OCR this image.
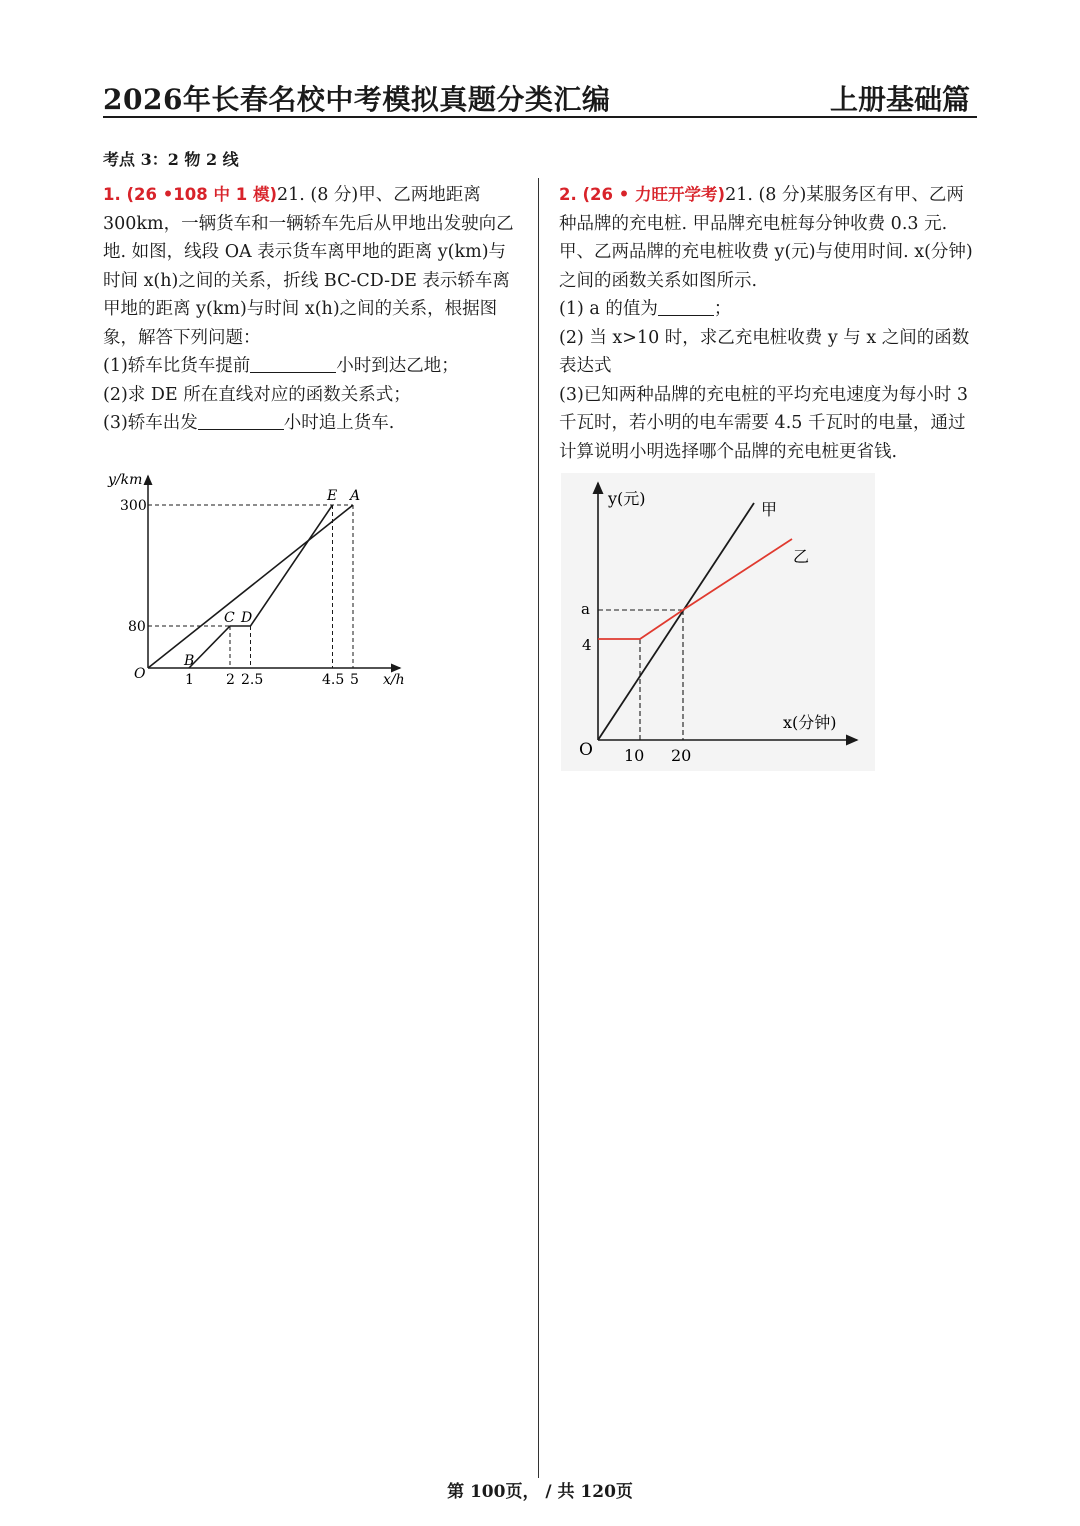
2026年长春名校中考模拟真题分类汇编	上册基础篇
考点 3：2 物 2 线

1. (26 •108 中 1 模)21. (8 分)甲、乙两地距离 300km，一辆货车和一辆轿车先后从甲地出发驶向乙地. 如图，线段 OA 表示货车离甲地的距离 y(km)与时间 x(h)之间的关系，折线 BC-CD-DE 表示轿车离甲地的距离 y(km)与时间 x(h)之间的关系，根据图象，解答下列问题：

(1)轿车比货车提前	小时到达乙地；

(2)求 DE 所在直线对应的函数关系式；

(3)轿车出发	小时追上货车.

y/km
x/h
O
300
80
1 2 2.5	4.5 5
B
C D
E A

2. (26 • 力旺开学考)21. (8 分)某服务区有甲、乙两种品牌的充电桩. 甲品牌充电桩每分钟收费 0.3 元. 甲、乙两品牌的充电桩收费 y(元)与使用时间. x(分钟)之间的函数关系如图所示.

(1) a 的值为	；

(2) 当 x>10 时，求乙充电桩收费 y 与 x 之间的函数表达式

(3)已知两种品牌的充电桩的平均充电速度为每小时 3 千瓦时，若小明的电车需要 4.5 千瓦时的电量，通过计算说明小明选择哪个品牌的充电桩更省钱.

y(元)
x(分钟)
O
a
4
10 20
甲
乙
第 100页， / 共 120页
